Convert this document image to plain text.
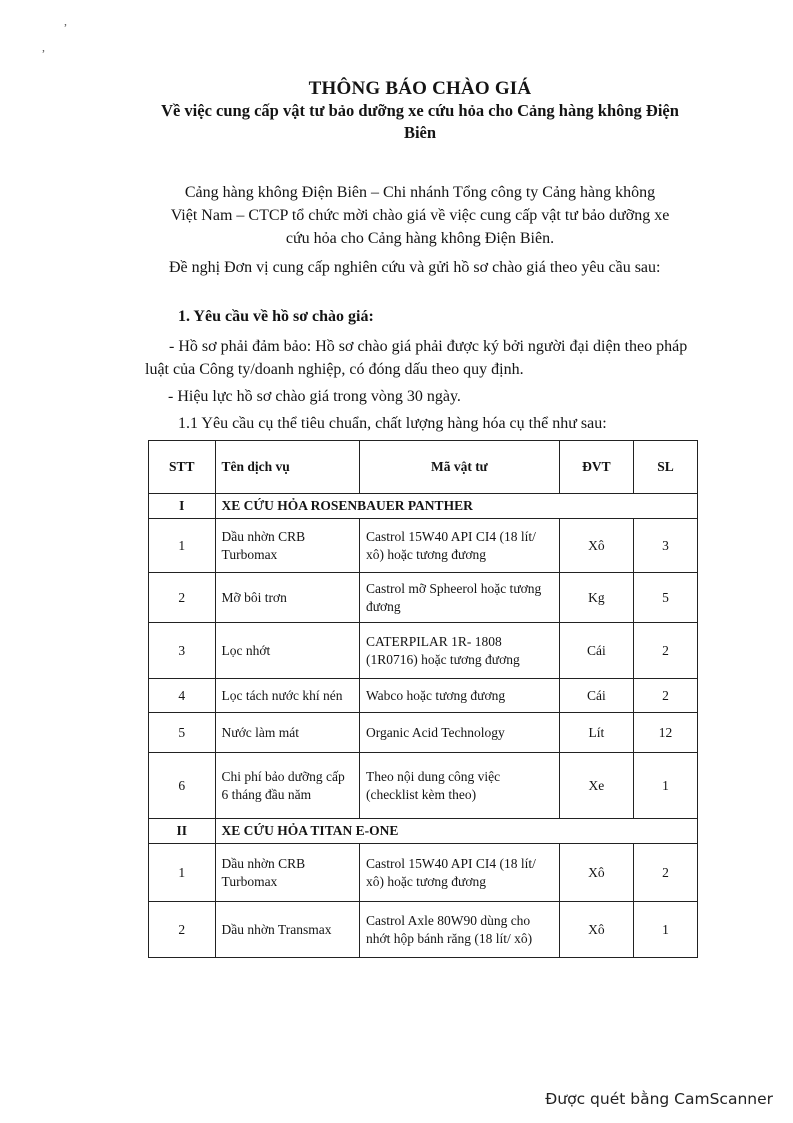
,
,
THÔNG BÁO CHÀO GIÁ
Về việc cung cấp vật tư bảo dưỡng xe cứu hỏa cho Cảng hàng không Điện
Biên
Cảng hàng không Điện Biên – Chi nhánh Tổng công ty Cảng hàng không
Việt Nam – CTCP tổ chức mời chào giá về việc cung cấp vật tư bảo dưỡng xe
cứu hỏa cho Cảng hàng không Điện Biên.
Đề nghị Đơn vị cung cấp nghiên cứu và gửi hồ sơ chào giá theo yêu cầu sau:
1. Yêu cầu về hồ sơ chào giá:
- Hồ sơ phải đảm bảo: Hồ sơ chào giá phải được ký bởi người đại diện theo pháp luật của Công ty/doanh nghiệp, có đóng dấu theo quy định.
- Hiệu lực hồ sơ chào giá trong vòng 30 ngày.
1.1 Yêu cầu cụ thể tiêu chuẩn, chất lượng hàng hóa cụ thể như sau:
STT	Tên dịch vụ	Mã vật tư	ĐVT	SL
I	XE CỨU HỎA ROSENBAUER PANTHER			
1	Dầu nhờn CRB Turbomax	Castrol 15W40 API CI4 (18 lít/ xô) hoặc tương đương	Xô	3
2	Mỡ bôi trơn	Castrol mỡ Spheerol hoặc tương đương	Kg	5
3	Lọc nhớt	CATERPILAR 1R- 1808 (1R0716) hoặc tương đương	Cái	2
4	Lọc tách nước khí nén	Wabco hoặc tương đương	Cái	2
5	Nước làm mát	Organic Acid Technology	Lít	12
6	Chi phí bảo dưỡng cấp 6 tháng đầu năm	Theo nội dung công việc (checklist kèm theo)	Xe	1
II	XE CỨU HỎA TITAN E-ONE			
1	Dầu nhờn CRB Turbomax	Castrol 15W40 API CI4 (18 lít/ xô) hoặc tương đương	Xô	2
2	Dầu nhờn Transmax	Castrol Axle 80W90 dùng cho nhớt hộp bánh răng (18 lít/ xô)	Xô	1
Được quét bằng CamScanner
